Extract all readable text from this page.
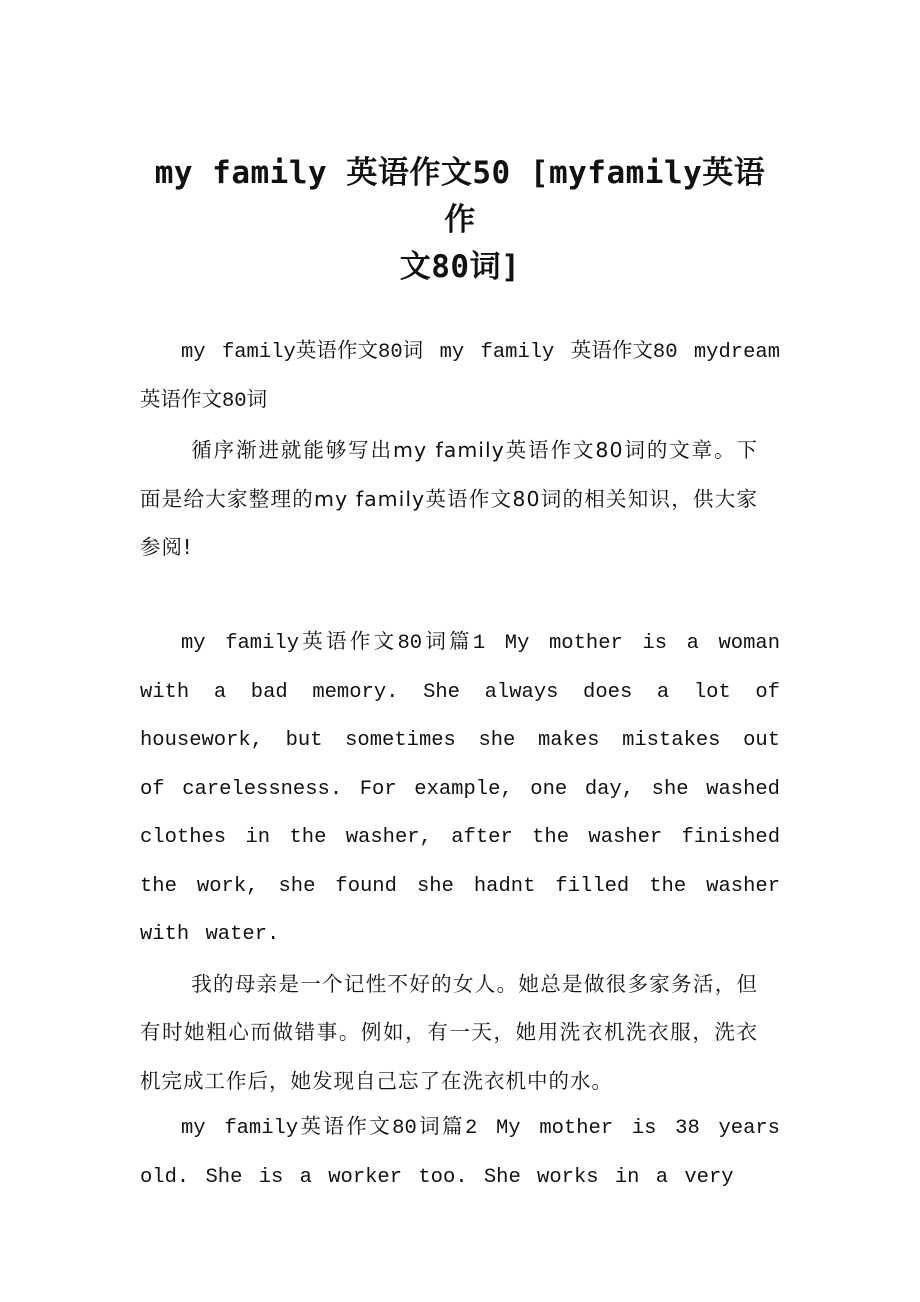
my family 英语作文50 [myfamily英语作
文80词]

my family英语作文80词 my family 英语作文80 mydream英语作文80词

循序渐进就能够写出my family英语作文80词的文章。下面是给大家整理的my family英语作文80词的相关知识，供大家参阅!

my family英语作文80词篇1 My mother is a woman with a bad memory. She always does a lot of housework, but sometimes she makes mistakes out of carelessness. For example, one day, she washed clothes in the washer, after the washer finished the work, she found she hadnt filled the washer with water.

我的母亲是一个记性不好的女人。她总是做很多家务活，但有时她粗心而做错事。例如，有一天，她用洗衣机洗衣服，洗衣机完成工作后，她发现自己忘了在洗衣机中的水。

my family英语作文80词篇2 My mother is 38 years old. She is a worker too. She works in a very
